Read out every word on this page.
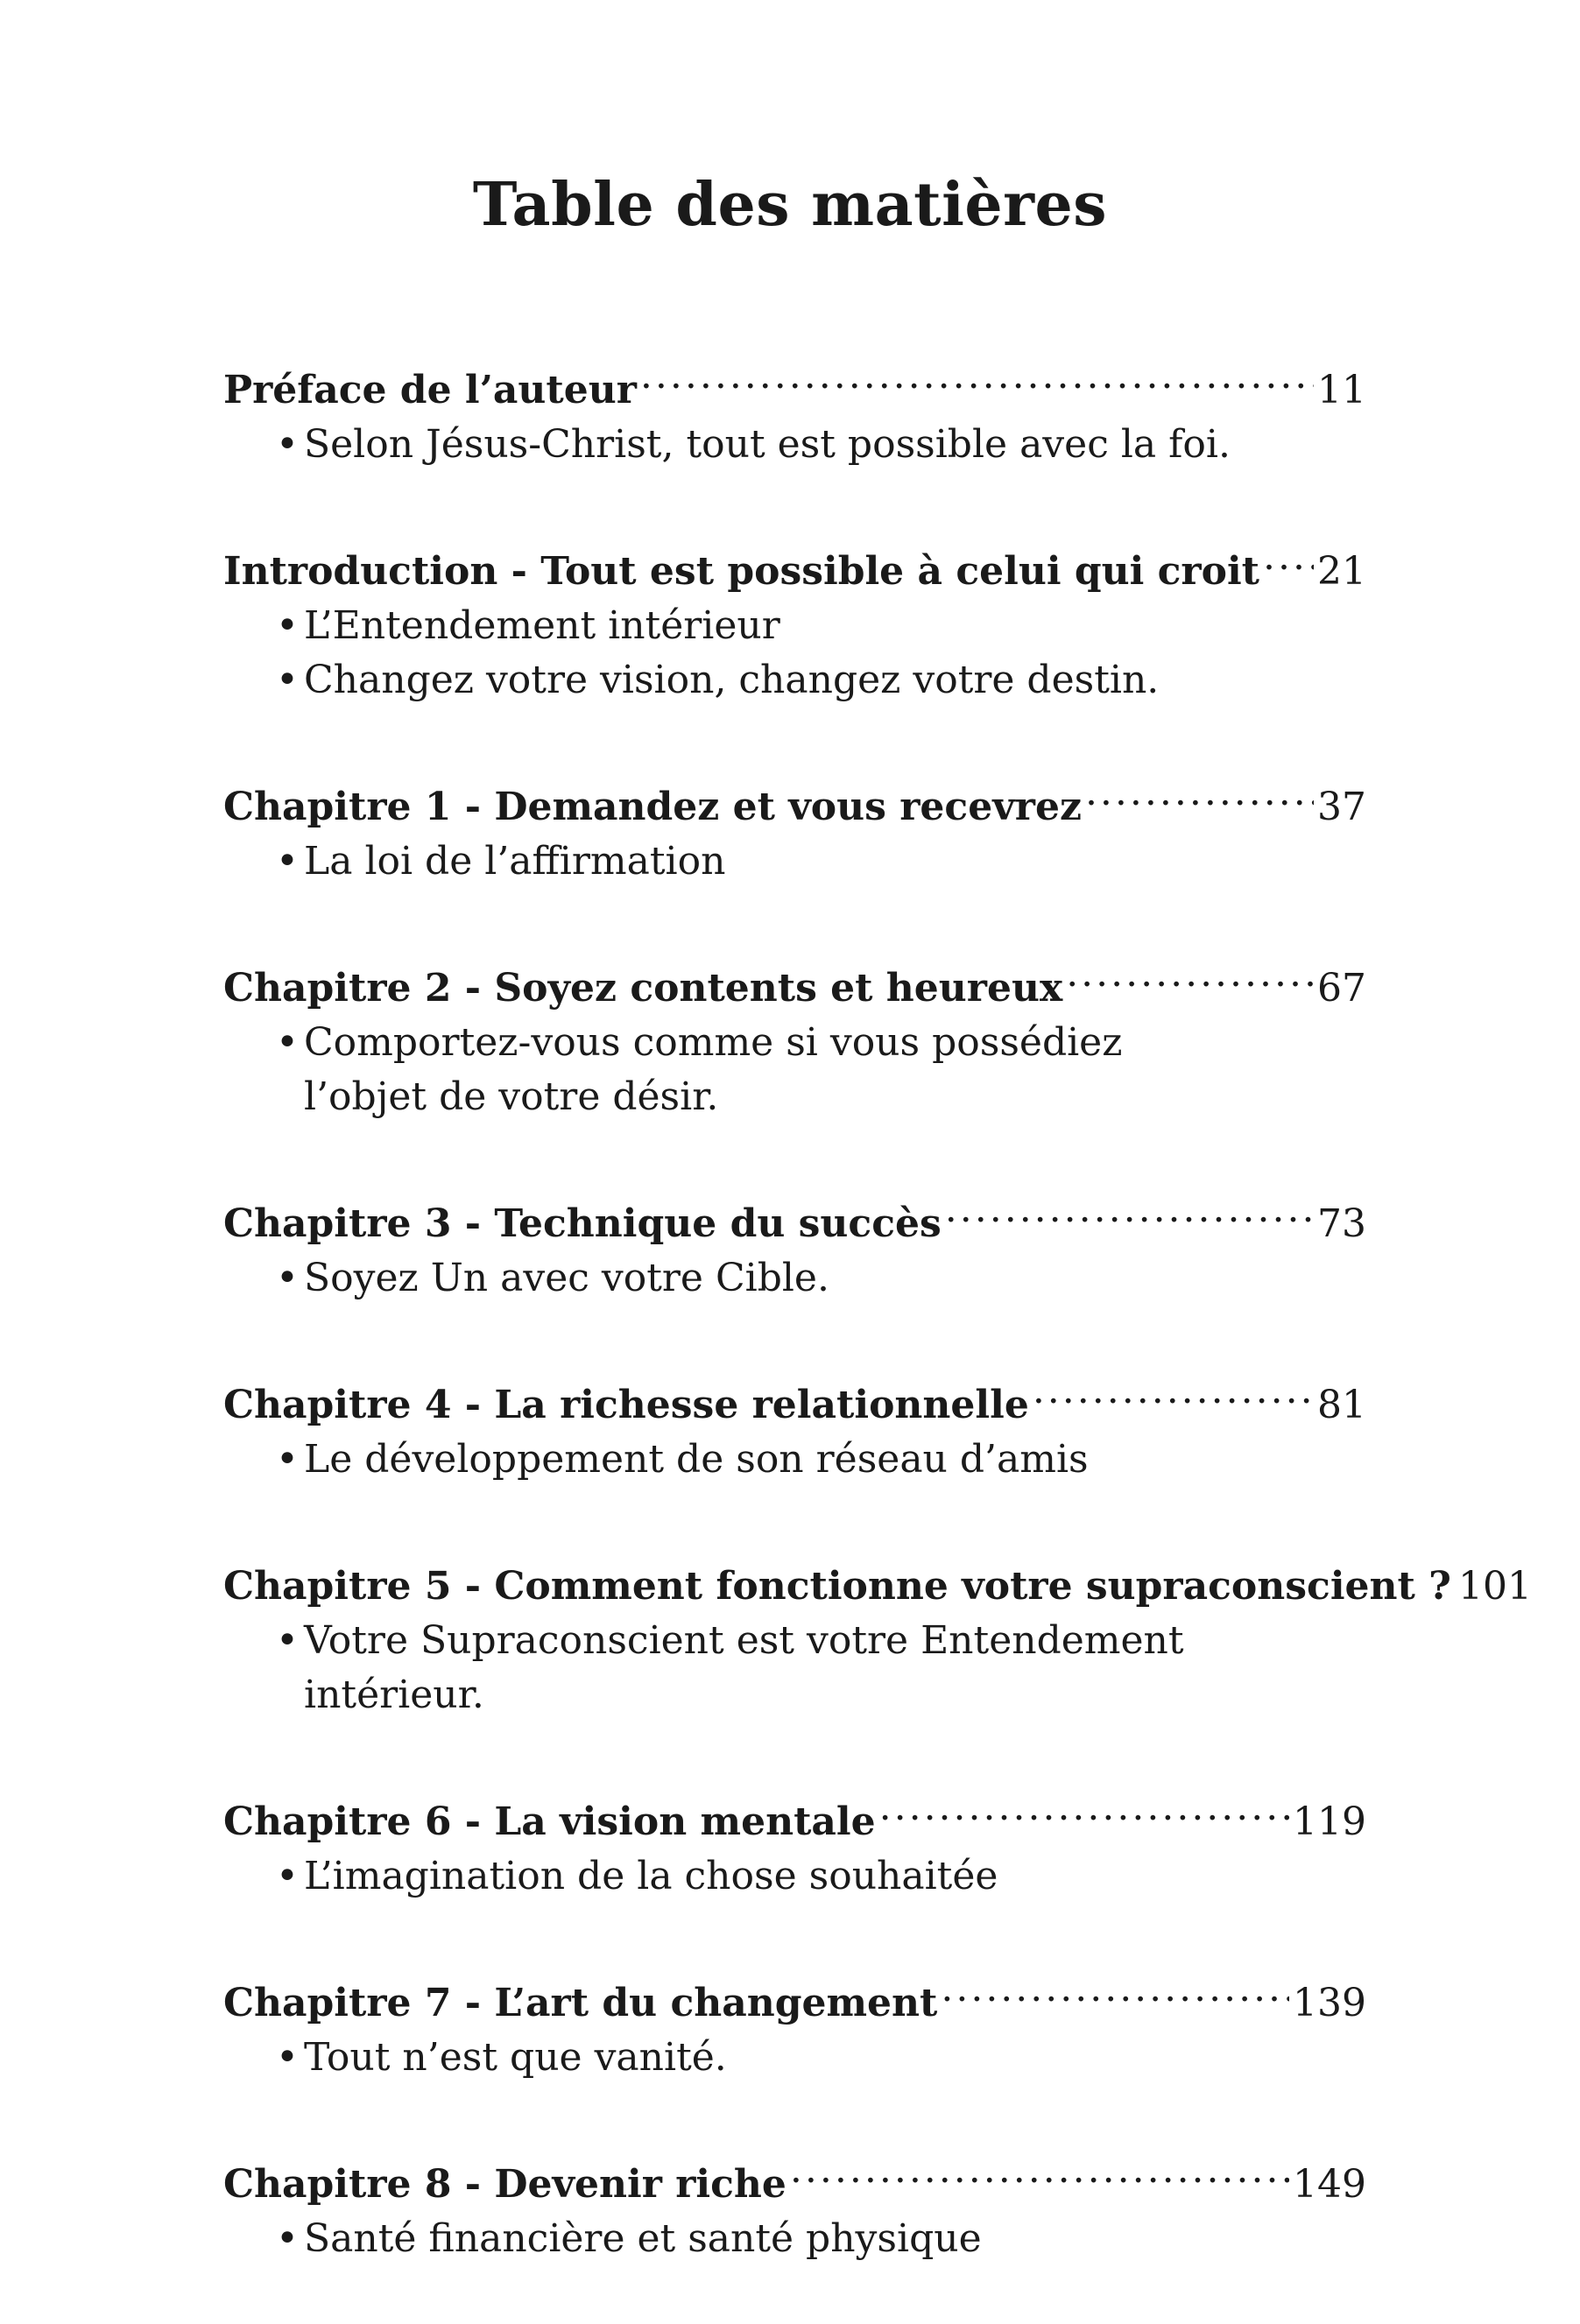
Table des matières
Préface de l’auteur .....	11
• Selon Jésus-Christ, tout est possible avec la foi.
Introduction - Tout est possible à celui qui croit ..... 21
• L’Entendement intérieur
• Changez votre vision, changez votre destin.
Chapitre 1 - Demandez et vous recevrez .....	37
• La loi de l’affirmation
Chapitre 2 - Soyez contents et heureux .....	67
• Comportez-vous comme si vous possédiez l’objet de votre désir.
Chapitre 3 - Technique du succès .....	73
• Soyez Un avec votre Cible.
Chapitre 4 - La richesse relationnelle .....	81
• Le développement de son réseau d’amis
Chapitre 5 - Comment fonctionne votre supraconscient ? 101
• Votre Supraconscient est votre Entendement intérieur.
Chapitre 6 - La vision mentale .....	119
• L’imagination de la chose souhaitée
Chapitre 7 - L’art du changement .....	139
• Tout n’est que vanité.
Chapitre 8 - Devenir riche .....	149
• Santé financière et santé physique
